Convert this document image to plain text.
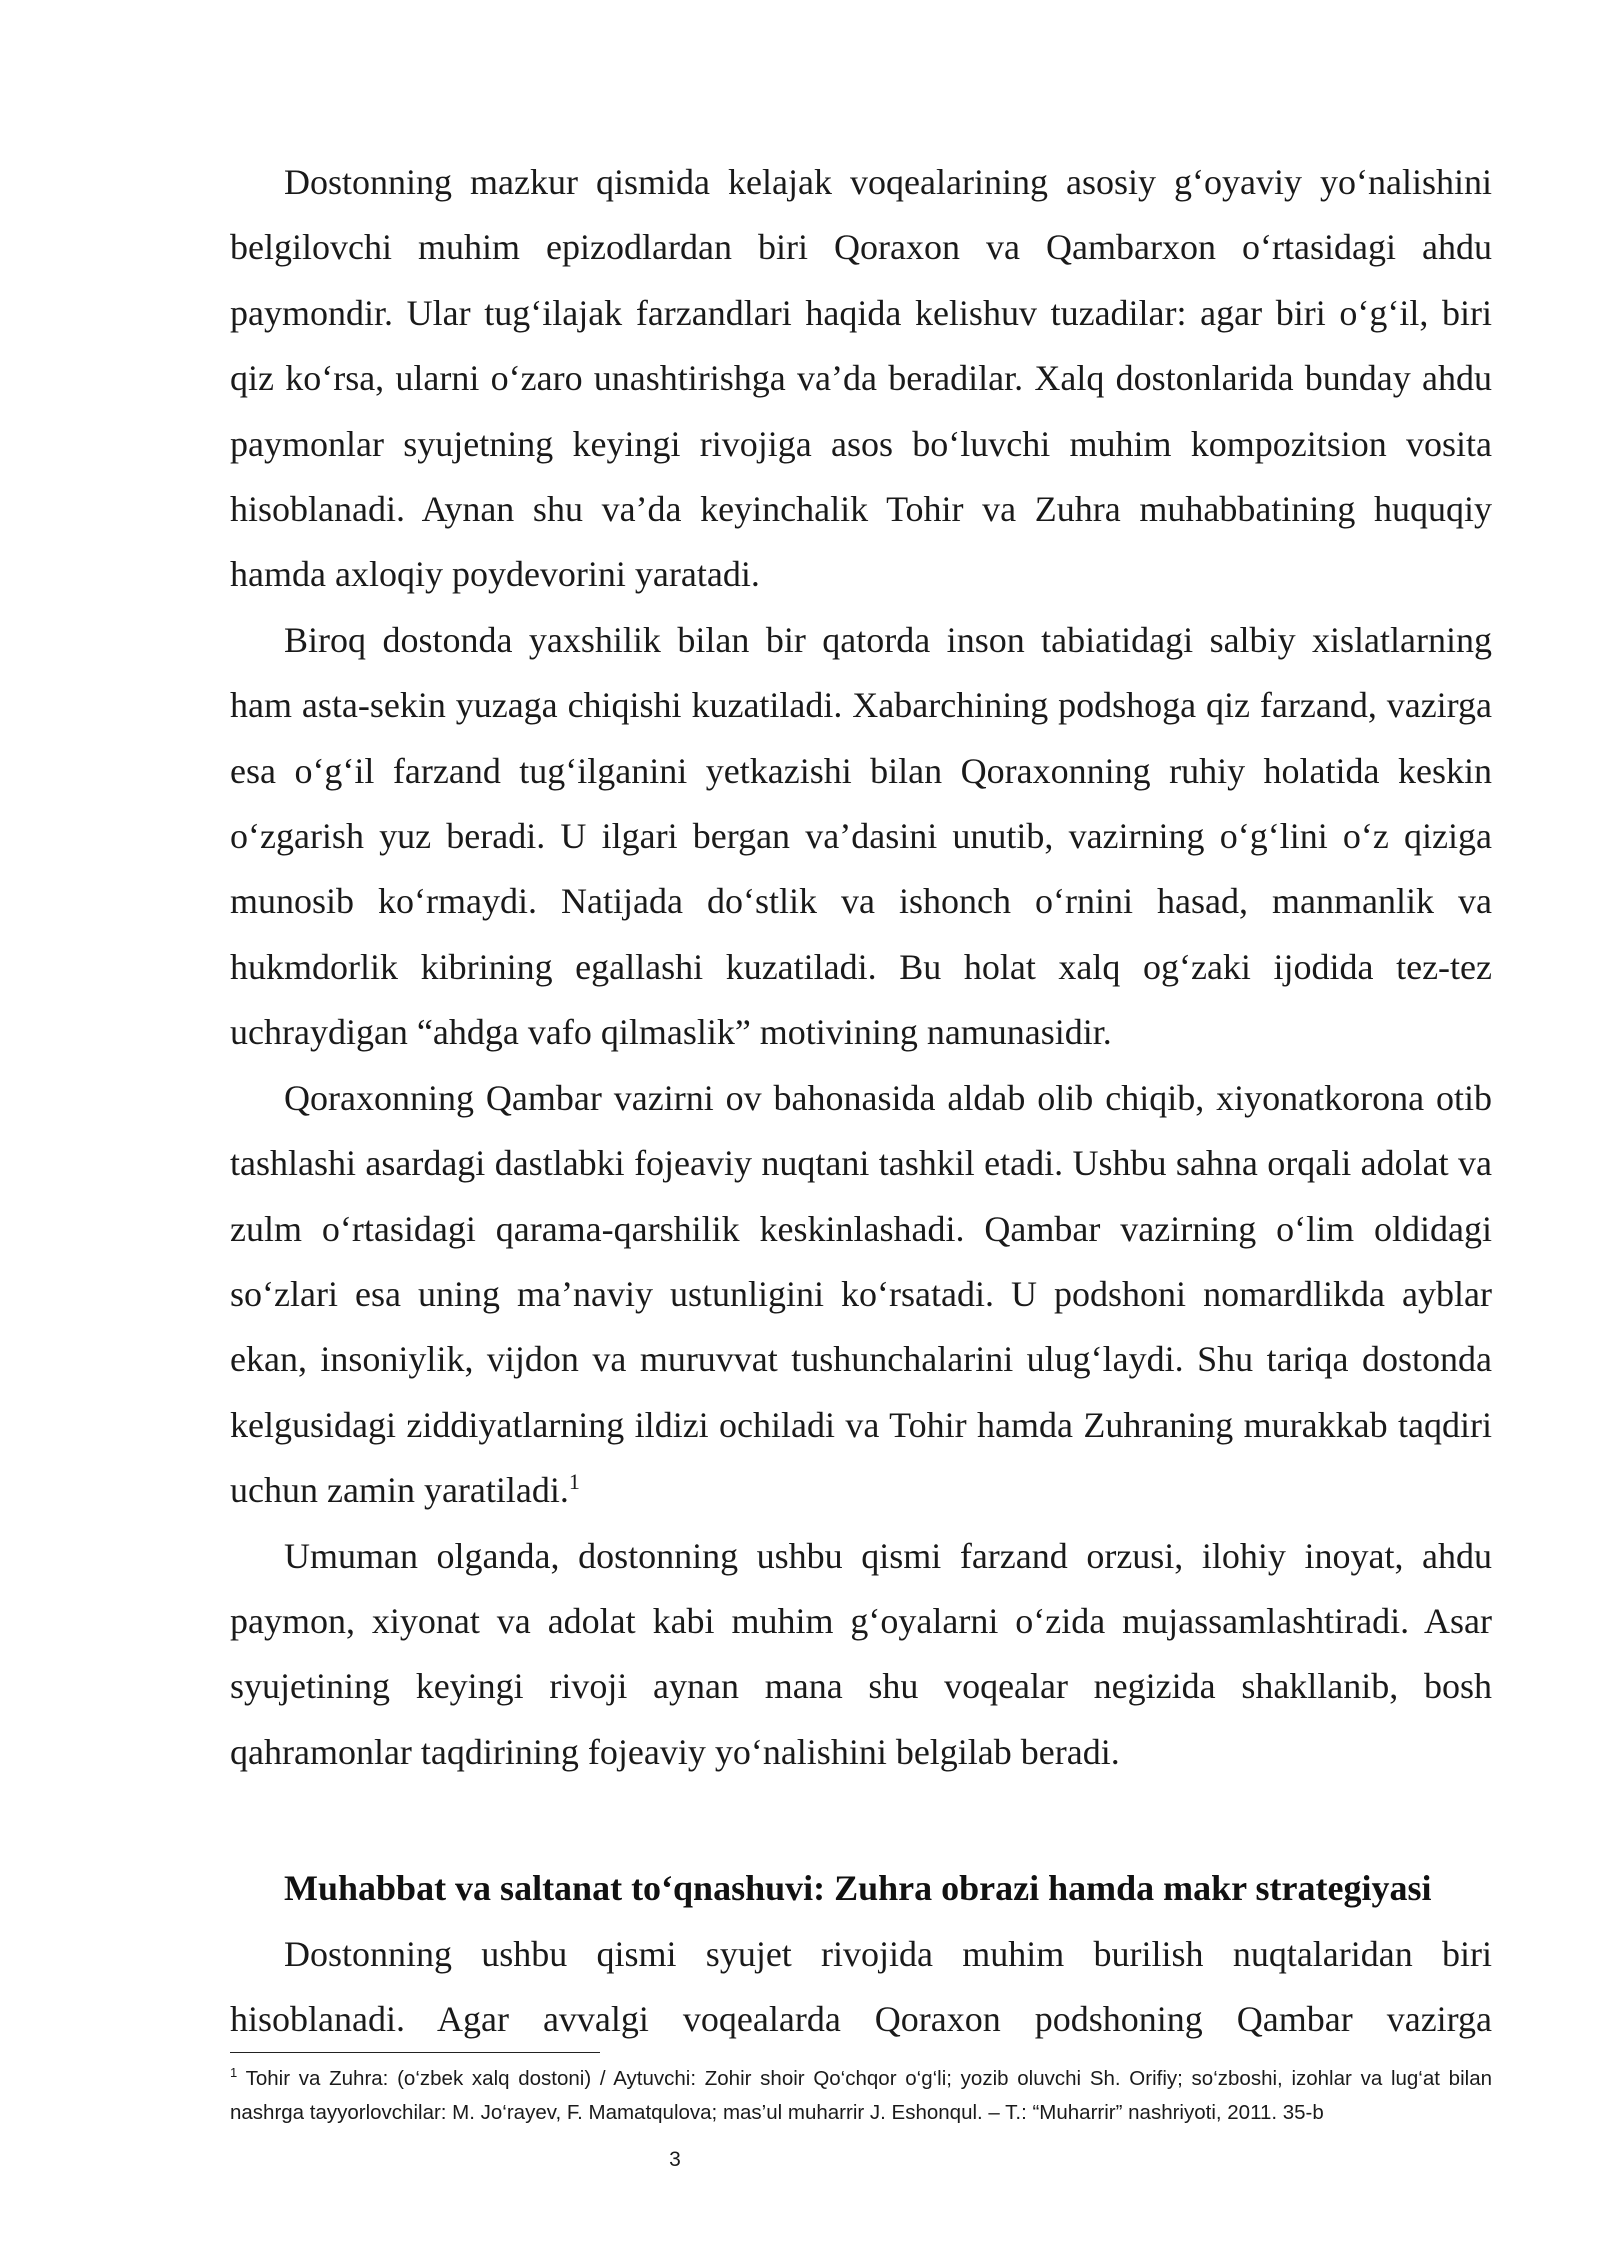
Dostonning mazkur qismida kelajak voqealarining asosiy g‘oyaviy yo‘nalishini belgilovchi muhim epizodlardan biri Qoraxon va Qambarxon o‘rtasidagi ahdu paymondir. Ular tug‘ilajak farzandlari haqida kelishuv tuzadilar: agar biri o‘g‘il, biri qiz ko‘rsa, ularni o‘zaro unashtirishga va’da beradilar. Xalq dostonlarida bunday ahdu paymonlar syujetning keyingi rivojiga asos bo‘luvchi muhim kompozitsion vosita hisoblanadi. Aynan shu va’da keyinchalik Tohir va Zuhra muhabbatining huquqiy hamda axloqiy poydevorini yaratadi.

Biroq dostonda yaxshilik bilan bir qatorda inson tabiatidagi salbiy xislatlarning ham asta-sekin yuzaga chiqishi kuzatiladi. Xabarchining podshoga qiz farzand, vazirga esa o‘g‘il farzand tug‘ilganini yetkazishi bilan Qoraxonning ruhiy holatida keskin o‘zgarish yuz beradi. U ilgari bergan va’dasini unutib, vazirning o‘g‘lini o‘z qiziga munosib ko‘rmaydi. Natijada do‘stlik va ishonch o‘rnini hasad, manmanlik va hukmdorlik kibrining egallashi kuzatiladi. Bu holat xalq og‘zaki ijodida tez-tez uchraydigan “ahdga vafo qilmaslik” motivining namunasidir.

Qoraxonning Qambar vazirni ov bahonasida aldab olib chiqib, xiyonatkorona otib tashlashi asardagi dastlabki fojeaviy nuqtani tashkil etadi. Ushbu sahna orqali adolat va zulm o‘rtasidagi qarama-qarshilik keskinlashadi. Qambar vazirning o‘lim oldidagi so‘zlari esa uning ma’naviy ustunligini ko‘rsatadi. U podshoni nomardlikda ayblar ekan, insoniylik, vijdon va muruvvat tushunchalarini ulug‘laydi. Shu tariqa dostonda kelgusidagi ziddiyatlarning ildizi ochiladi va Tohir hamda Zuhraning murakkab taqdiri uchun zamin yaratiladi.$^1$

Umuman olganda, dostonning ushbu qismi farzand orzusi, ilohiy inoyat, ahdu paymon, xiyonat va adolat kabi muhim g‘oyalarni o‘zida mujassamlashtiradi. Asar syujetining keyingi rivoji aynan mana shu voqealar negizida shakllanib, bosh qahramonlar taqdirining fojeaviy yo‘nalishini belgilab beradi.

Muhabbat va saltanat to‘qnashuvi: Zuhra obrazi hamda makr strategiyasi

Dostonning ushbu qismi syujet rivojida muhim burilish nuqtalaridan biri hisoblanadi. Agar avvalgi voqealarda Qoraxon podshoning Qambar vazirga

$^1$ Tohir va Zuhra: (o‘zbek xalq dostoni) / Aytuvchi: Zohir shoir Qo‘chqor o‘g‘li; yozib oluvchi Sh. Orifiy; so‘zboshi, izohlar va lug‘at bilan nashrga tayyorlovchilar: M. Jo‘rayev, F. Mamatqulova; mas’ul muharrir J. Eshonqul. – T.: “Muharrir” nashriyoti, 2011. 35-b

3
